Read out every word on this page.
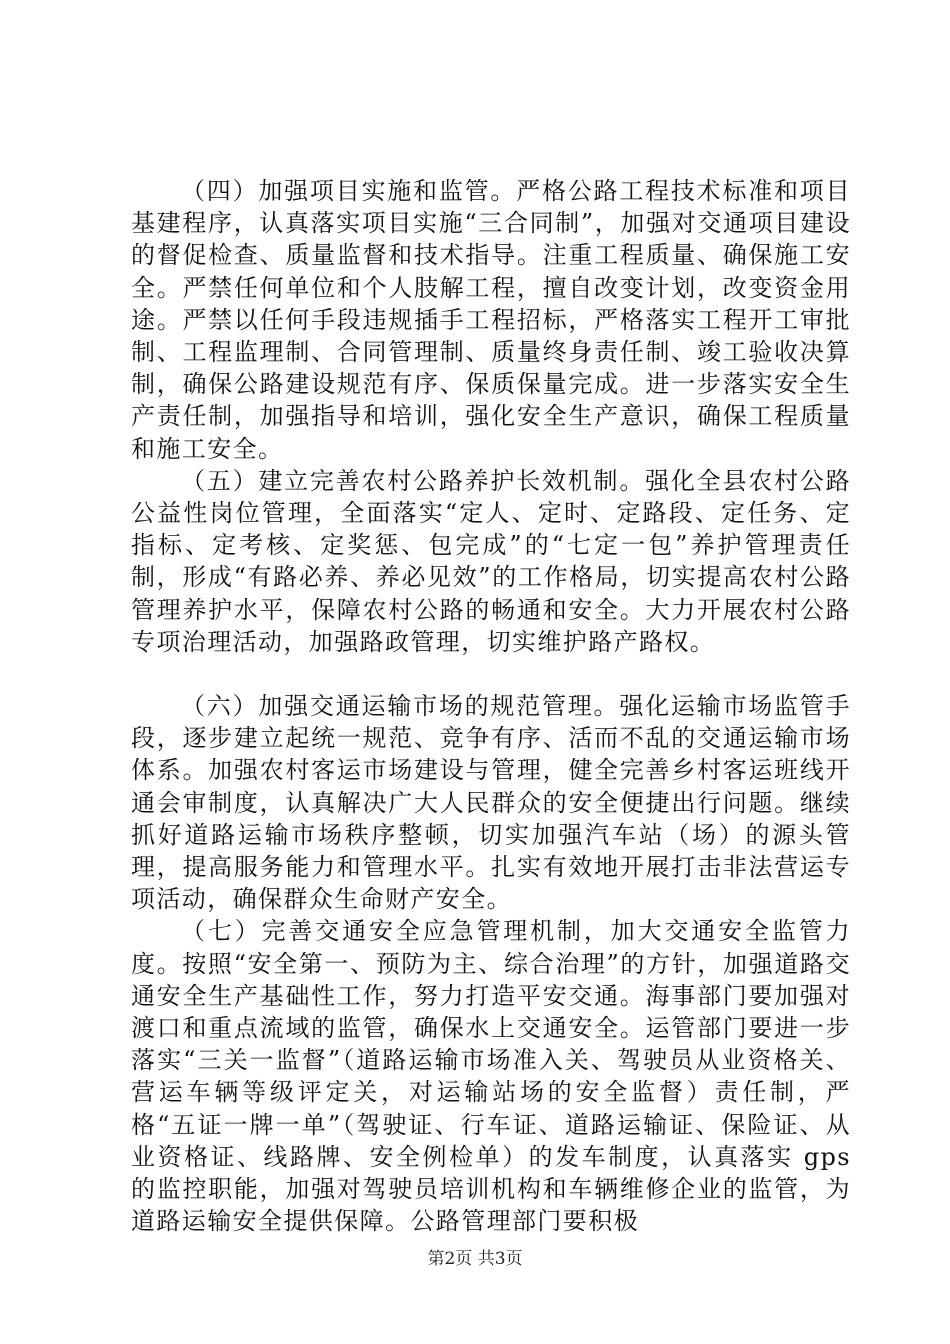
（四）加强项目实施和监管。严格公路工程技术标准和项目基建程序，认真落实项目实施“三合同制”，加强对交通项目建设的督促检查、质量监督和技术指导。注重工程质量、确保施工安全。严禁任何单位和个人肢解工程，擅自改变计划，改变资金用途。严禁以任何手段违规插手工程招标，严格落实工程开工审批制、工程监理制、合同管理制、质量终身责任制、竣工验收决算制，确保公路建设规范有序、保质保量完成。进一步落实安全生产责任制，加强指导和培训，强化安全生产意识，确保工程质量和施工安全。

（五）建立完善农村公路养护长效机制。强化全县农村公路公益性岗位管理，全面落实“定人、定时、定路段、定任务、定指标、定考核、定奖惩、包完成”的“七定一包”养护管理责任制，形成“有路必养、养必见效”的工作格局，切实提高农村公路管理养护水平，保障农村公路的畅通和安全。大力开展农村公路专项治理活动，加强路政管理，切实维护路产路权。

（六）加强交通运输市场的规范管理。强化运输市场监管手段，逐步建立起统一规范、竞争有序、活而不乱的交通运输市场体系。加强农村客运市场建设与管理，健全完善乡村客运班线开通会审制度，认真解决广大人民群众的安全便捷出行问题。继续抓好道路运输市场秩序整顿，切实加强汽车站（场）的源头管理，提高服务能力和管理水平。扎实有效地开展打击非法营运专项活动，确保群众生命财产安全。

（七）完善交通安全应急管理机制，加大交通安全监管力度。按照“安全第一、预防为主、综合治理”的方针，加强道路交通安全生产基础性工作，努力打造平安交通。海事部门要加强对渡口和重点流域的监管，确保水上交通安全。运管部门要进一步落实“三关一监督”（道路运输市场准入关、驾驶员从业资格关、营运车辆等级评定关，对运输站场的安全监督）责任制，严格“五证一牌一单”（驾驶证、行车证、道路运输证、保险证、从业资格证、线路牌、安全例检单）的发车制度，认真落实 gps 的监控职能，加强对驾驶员培训机构和车辆维修企业的监管，为道路运输安全提供保障。公路管理部门要积极

第2页 共3页
